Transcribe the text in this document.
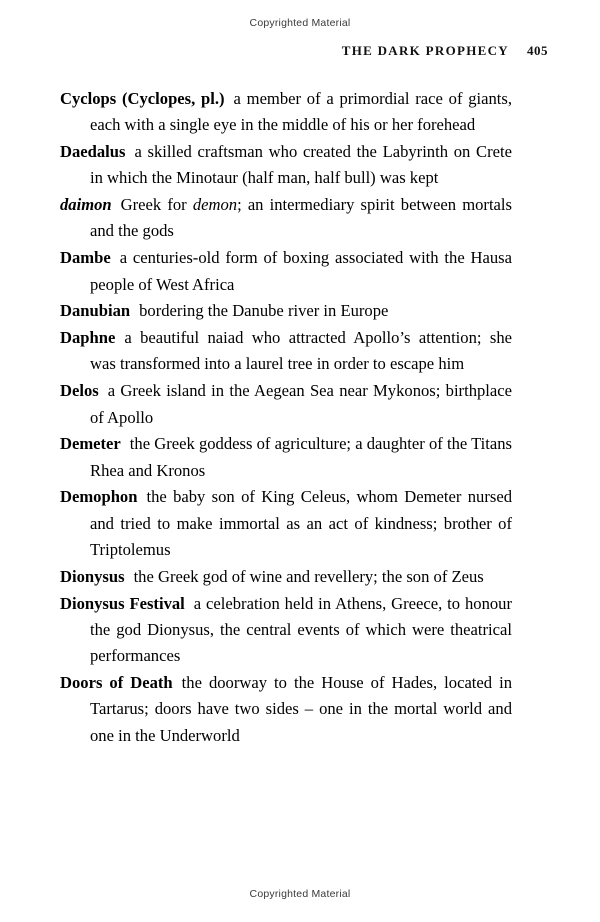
Copyrighted Material
THE DARK PROPHECY 405

Cyclops (Cyclopes, pl.) a member of a primordial race of giants, each with a single eye in the middle of his or her forehead

Daedalus a skilled craftsman who created the Labyrinth on Crete in which the Minotaur (half man, half bull) was kept

daimon Greek for demon; an intermediary spirit between mortals and the gods

Dambe a centuries-old form of boxing associated with the Hausa people of West Africa

Danubian bordering the Danube river in Europe

Daphne a beautiful naiad who attracted Apollo’s attention; she was transformed into a laurel tree in order to escape him

Delos a Greek island in the Aegean Sea near Mykonos; birthplace of Apollo

Demeter the Greek goddess of agriculture; a daughter of the Titans Rhea and Kronos

Demophon the baby son of King Celeus, whom Demeter nursed and tried to make immortal as an act of kindness; brother of Triptolemus

Dionysus the Greek god of wine and revellery; the son of Zeus

Dionysus Festival a celebration held in Athens, Greece, to honour the god Dionysus, the central events of which were theatrical performances

Doors of Death the doorway to the House of Hades, located in Tartarus; doors have two sides – one in the mortal world and one in the Underworld

Copyrighted Material
